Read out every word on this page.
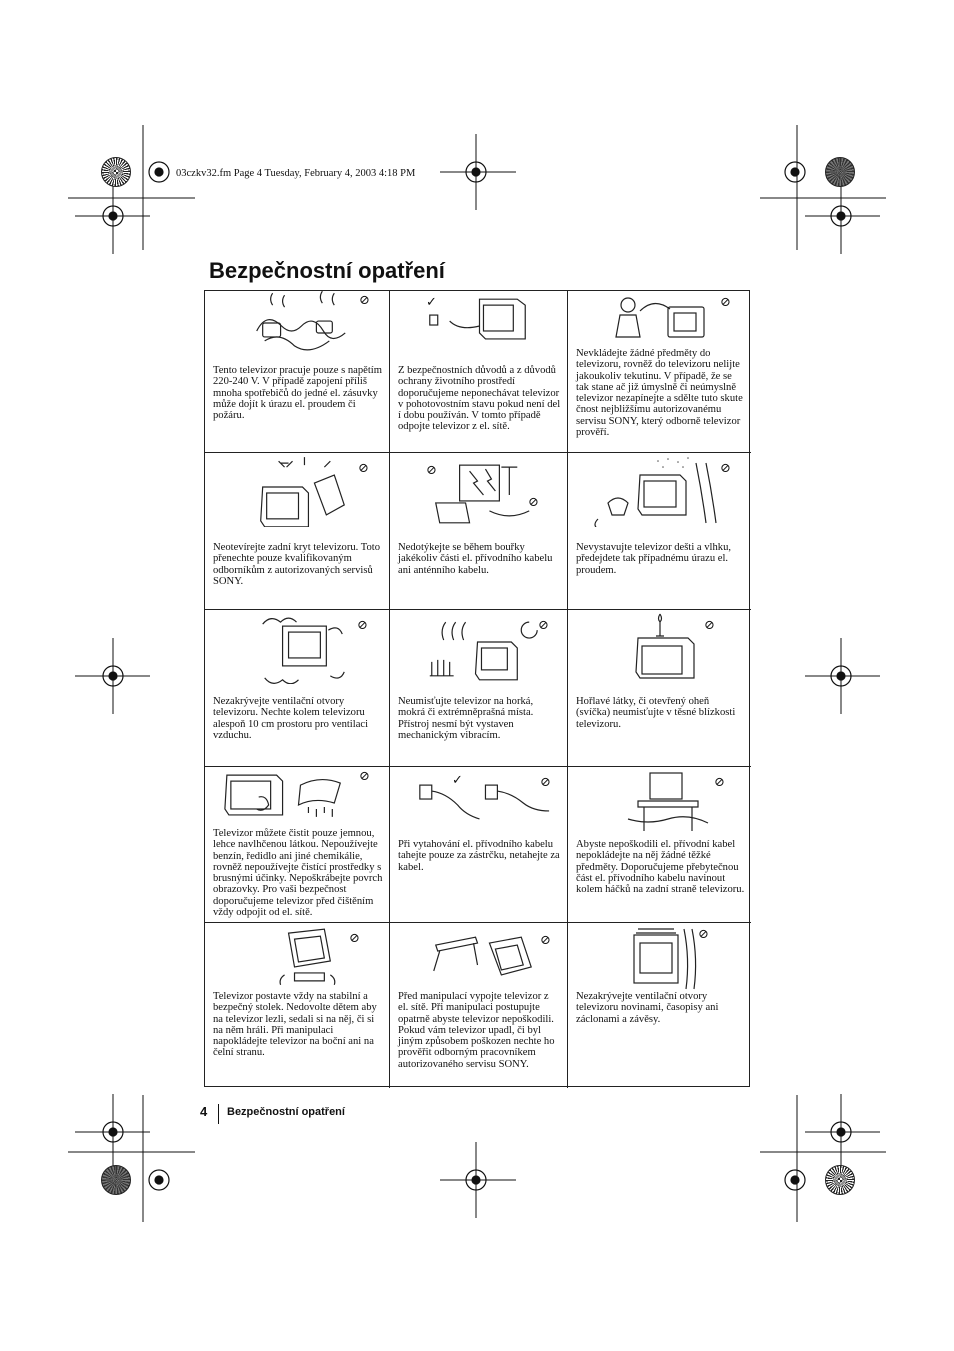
03czkv32.fm Page 4 Tuesday, February 4, 2003 4:18 PM
Bezpečnostní opatření
⊘
Tento televizor pracuje pouze s napětím 220-240 V. V případě zapojení příliš mnoha spotřebičů do jedné el. zásuvky může dojít k úrazu el. proudem či požáru.
✓
Z bezpečnostních důvodů a z důvodů ochrany životního prostředí doporučujeme neponechávat televizor v pohotovostním stavu pokud není del í dobu používán. V tomto případě odpojte televizor z el. sítě.
⊘
Nevkládejte žádné předměty do televizoru, rovněž do televizoru nelijte jakoukoliv tekutinu. V případě, že se tak stane ač již úmyslně či neúmyslně televizor nezapínejte a sdělte tuto skute čnost nejbližšímu autorizovanému servisu SONY, který odborně televizor prověří.
⊘
Neotevírejte zadní kryt televizoru. Toto přenechte pouze kvalifikovaným odborníkům z autorizovaných servisů SONY.
⊘
⊘
Nedotýkejte se během bouřky jakékoliv části el. přívodního kabelu ani anténního kabelu.
⊘
Nevystavujte televizor dešti a vlhku, předejdete tak případnému úrazu el. proudem.
⊘
Nezakrývejte ventilační otvory televizoru. Nechte kolem televizoru alespoň 10 cm prostoru pro ventilaci vzduchu.
⊘
Neumisťujte televizor na horká, mokrá či extrémněprašná místa. Přístroj nesmí být vystaven mechanickým vibracím.
⊘
Hořlavé látky, či otevřený oheň (svíčka) neumisťujte v těsné blízkosti televizoru.
⊘
Televizor můžete čistit pouze jemnou, lehce navlhčenou látkou. Nepoužívejte benzín, ředidlo ani jiné chemikálie, rovněž nepoužívejte čistící prostředky s brusnými účinky. Nepoškrábejte povrch obrazovky. Pro vaši bezpečnost doporučujeme televizor před čištěním vždy odpojit od el. sítě.
✓	⊘
Při vytahování el. přívodního kabelu tahejte pouze za zástrčku, netahejte za kabel.
⊘
Abyste nepoškodili el. přívodní kabel nepokládejte na něj žádné těžké předměty. Doporučujeme přebytečnou část el. přívodního kabelu navinout kolem háčků na zadní straně televizoru.
⊘
Televizor postavte vždy na stabilní a bezpečný stolek. Nedovolte dětem aby na televizor lezli, sedali si na něj, či si na něm hráli. Při manipulaci napokládejte televizor na boční ani na čelní stranu.
⊘
Před manipulací vypojte televizor z el. sítě. Při manipulaci postupujte opatrně abyste televizor nepoškodili. Pokud vám televizor upadl, či byl jiným způsobem poškozen nechte ho prověřit odborným pracovníkem autorizovaného servisu SONY.
⊘
Nezakrývejte ventilační otvory televizoru novinami, časopisy ani záclonami a závěsy.
4 Bezpečnostní opatření
